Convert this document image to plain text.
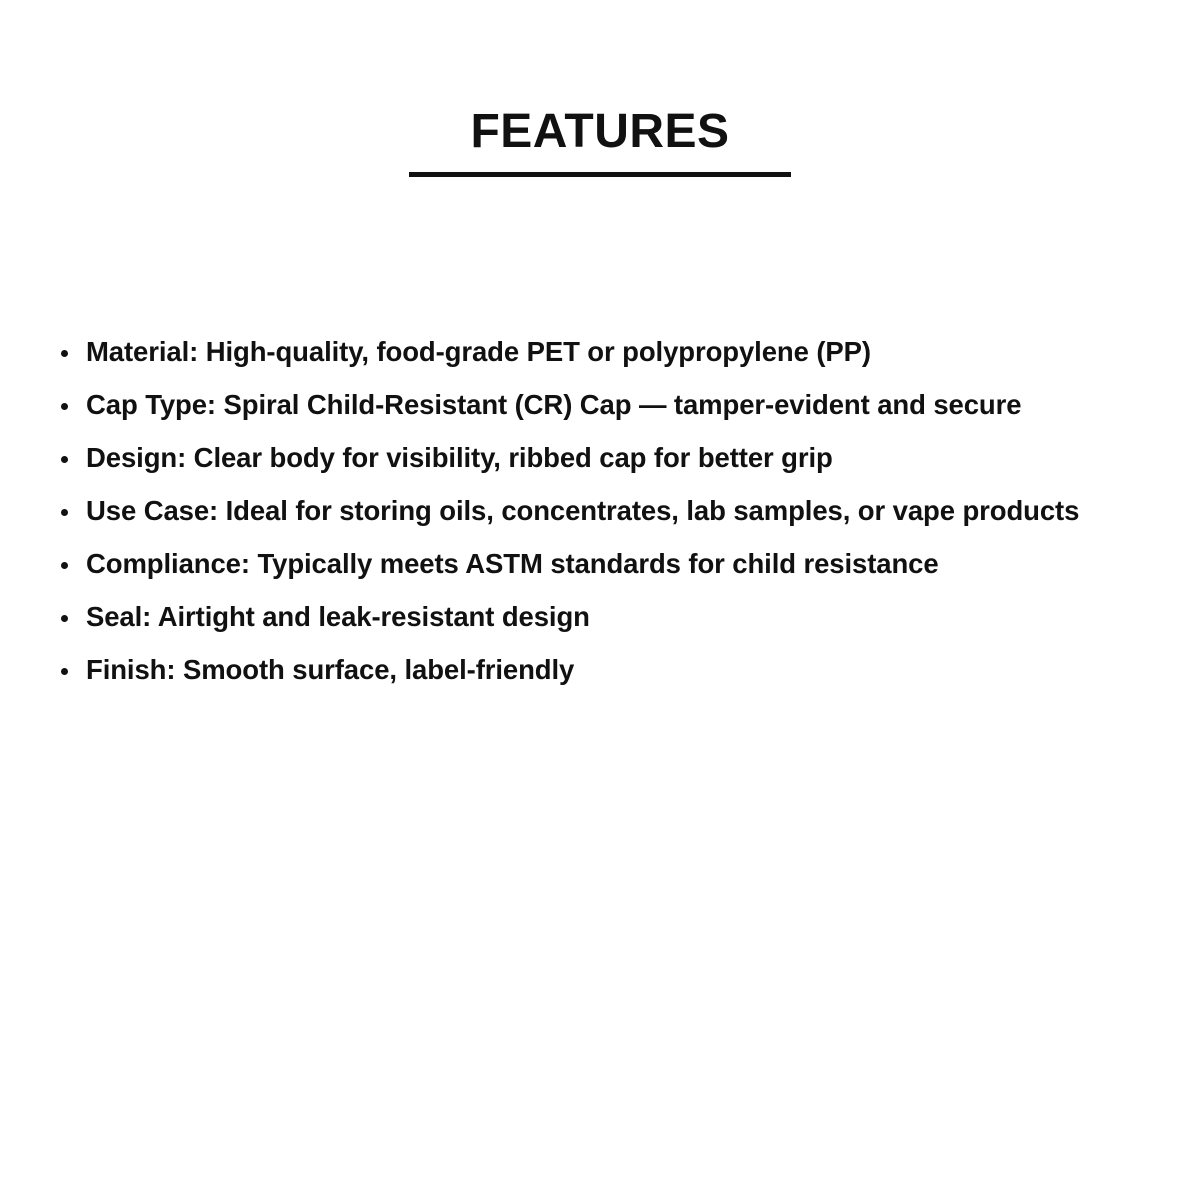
FEATURES
Material: High-quality, food-grade PET or polypropylene (PP)
Cap Type: Spiral Child-Resistant (CR) Cap — tamper-evident and secure
Design: Clear body for visibility, ribbed cap for better grip
Use Case: Ideal for storing oils, concentrates, lab samples, or vape products
Compliance: Typically meets ASTM standards for child resistance
Seal: Airtight and leak-resistant design
Finish: Smooth surface, label-friendly
